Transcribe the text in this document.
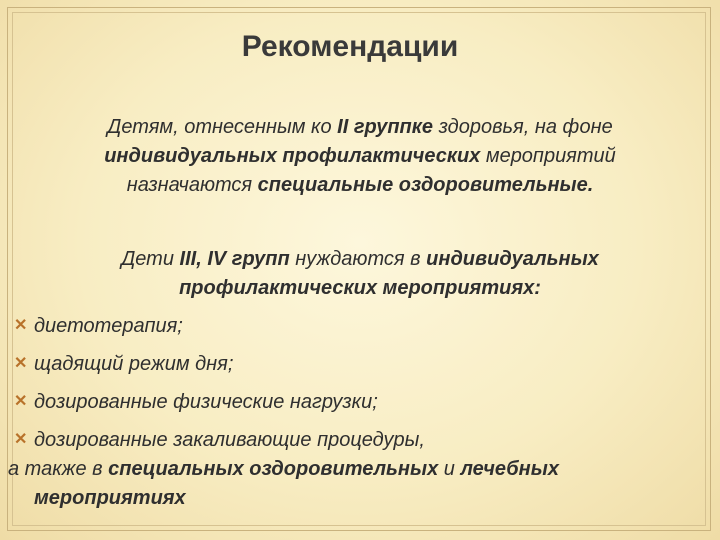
Рекомендации
Детям, отнесенным ко II группке здоровья, на фоне
индивидуальных профилактических мероприятий
назначаются специальные оздоровительные.
Дети III, IV групп нуждаются в индивидуальных
профилактических мероприятиях:
✕ диетотерапия;
✕ щадящий режим дня;
✕ дозированные физические нагрузки;
✕ дозированные закаливающие процедуры,
а также в специальных оздоровительных и лечебных
мероприятиях
